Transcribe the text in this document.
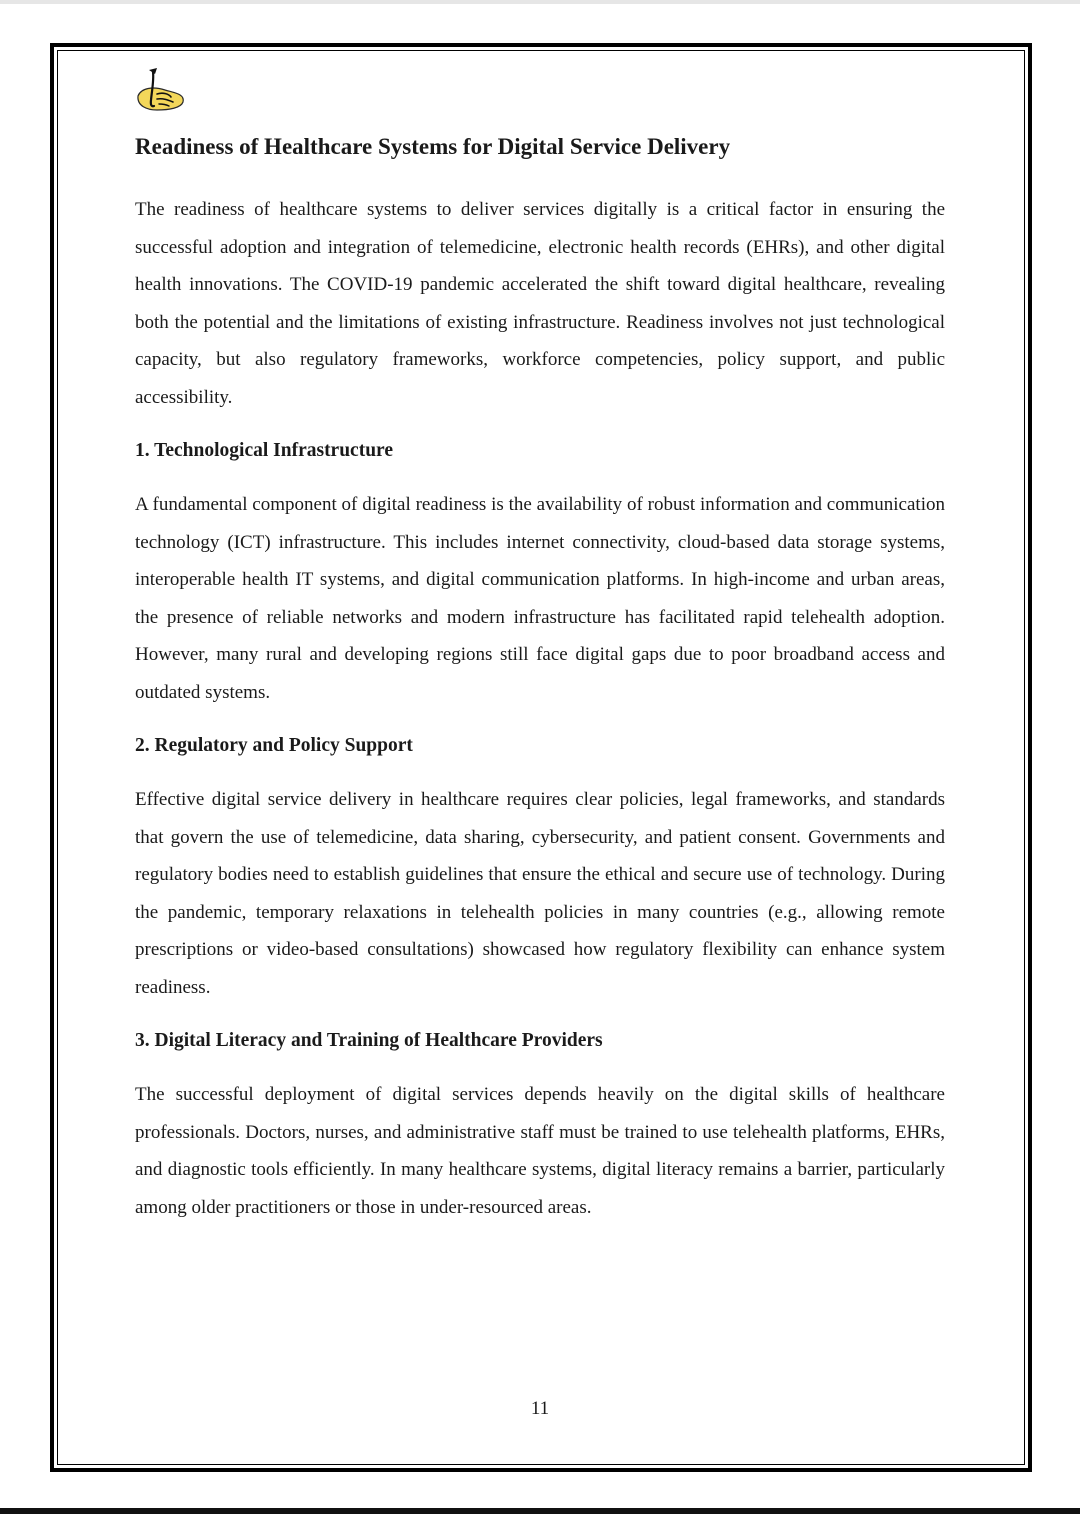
Readiness of Healthcare Systems for Digital Service Delivery

The readiness of healthcare systems to deliver services digitally is a critical factor in ensuring the successful adoption and integration of telemedicine, electronic health records (EHRs), and other digital health innovations. The COVID-19 pandemic accelerated the shift toward digital healthcare, revealing both the potential and the limitations of existing infrastructure. Readiness involves not just technological capacity, but also regulatory frameworks, workforce competencies, policy support, and public accessibility.

1. Technological Infrastructure

A fundamental component of digital readiness is the availability of robust information and communication technology (ICT) infrastructure. This includes internet connectivity, cloud-based data storage systems, interoperable health IT systems, and digital communication platforms. In high-income and urban areas, the presence of reliable networks and modern infrastructure has facilitated rapid telehealth adoption. However, many rural and developing regions still face digital gaps due to poor broadband access and outdated systems.

2. Regulatory and Policy Support

Effective digital service delivery in healthcare requires clear policies, legal frameworks, and standards that govern the use of telemedicine, data sharing, cybersecurity, and patient consent. Governments and regulatory bodies need to establish guidelines that ensure the ethical and secure use of technology. During the pandemic, temporary relaxations in telehealth policies in many countries (e.g., allowing remote prescriptions or video-based consultations) showcased how regulatory flexibility can enhance system readiness.

3. Digital Literacy and Training of Healthcare Providers

The successful deployment of digital services depends heavily on the digital skills of healthcare professionals. Doctors, nurses, and administrative staff must be trained to use telehealth platforms, EHRs, and diagnostic tools efficiently. In many healthcare systems, digital literacy remains a barrier, particularly among older practitioners or those in under-resourced areas.

11
